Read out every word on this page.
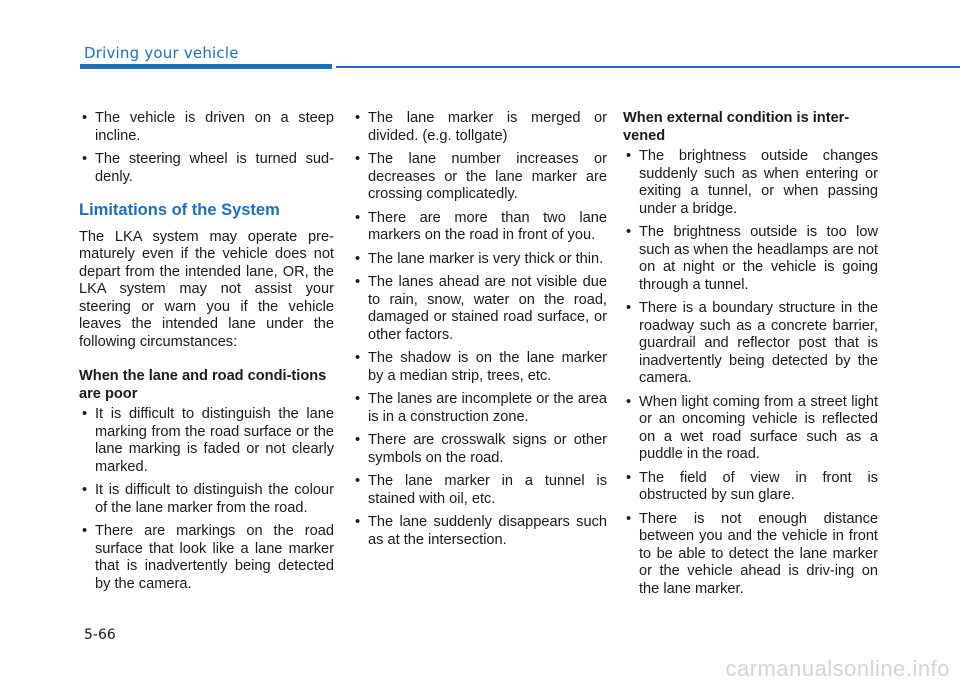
Driving your vehicle
• The vehicle is driven on a steep incline.
• The steering wheel is turned sud-denly.
Limitations of the System

The LKA system may operate pre-maturely even if the vehicle does not depart from the intended lane, OR, the LKA system may not assist your steering or warn you if the vehicle leaves the intended lane under the following circumstances:

When the lane and road condi-tions are poor
• It is difficult to distinguish the lane marking from the road surface or the lane marking is faded or not clearly marked.
• It is difficult to distinguish the colour of the lane marker from the road.
• There are markings on the road surface that look like a lane marker that is inadvertently being detected by the camera.
• The lane marker is merged or divided. (e.g. tollgate)
• The lane number increases or decreases or the lane marker are crossing complicatedly.
• There are more than two lane markers on the road in front of you.
• The lane marker is very thick or thin.
• The lanes ahead are not visible due to rain, snow, water on the road, damaged or stained road surface, or other factors.
• The shadow is on the lane marker by a median strip, trees, etc.
• The lanes are incomplete or the area is in a construction zone.
• There are crosswalk signs or other symbols on the road.
• The lane marker in a tunnel is stained with oil, etc.
• The lane suddenly disappears such as at the intersection.
When external condition is inter-vened
• The brightness outside changes suddenly such as when entering or exiting a tunnel, or when passing under a bridge.
• The brightness outside is too low such as when the headlamps are not on at night or the vehicle is going through a tunnel.
• There is a boundary structure in the roadway such as a concrete barrier, guardrail and reflector post that is inadvertently being detected by the camera.
• When light coming from a street light or an oncoming vehicle is reflected on a wet road surface such as a puddle in the road.
• The field of view in front is obstructed by sun glare.
• There is not enough distance between you and the vehicle in front to be able to detect the lane marker or the vehicle ahead is driv-ing on the lane marker.
5-66
carmanualsonline.info
